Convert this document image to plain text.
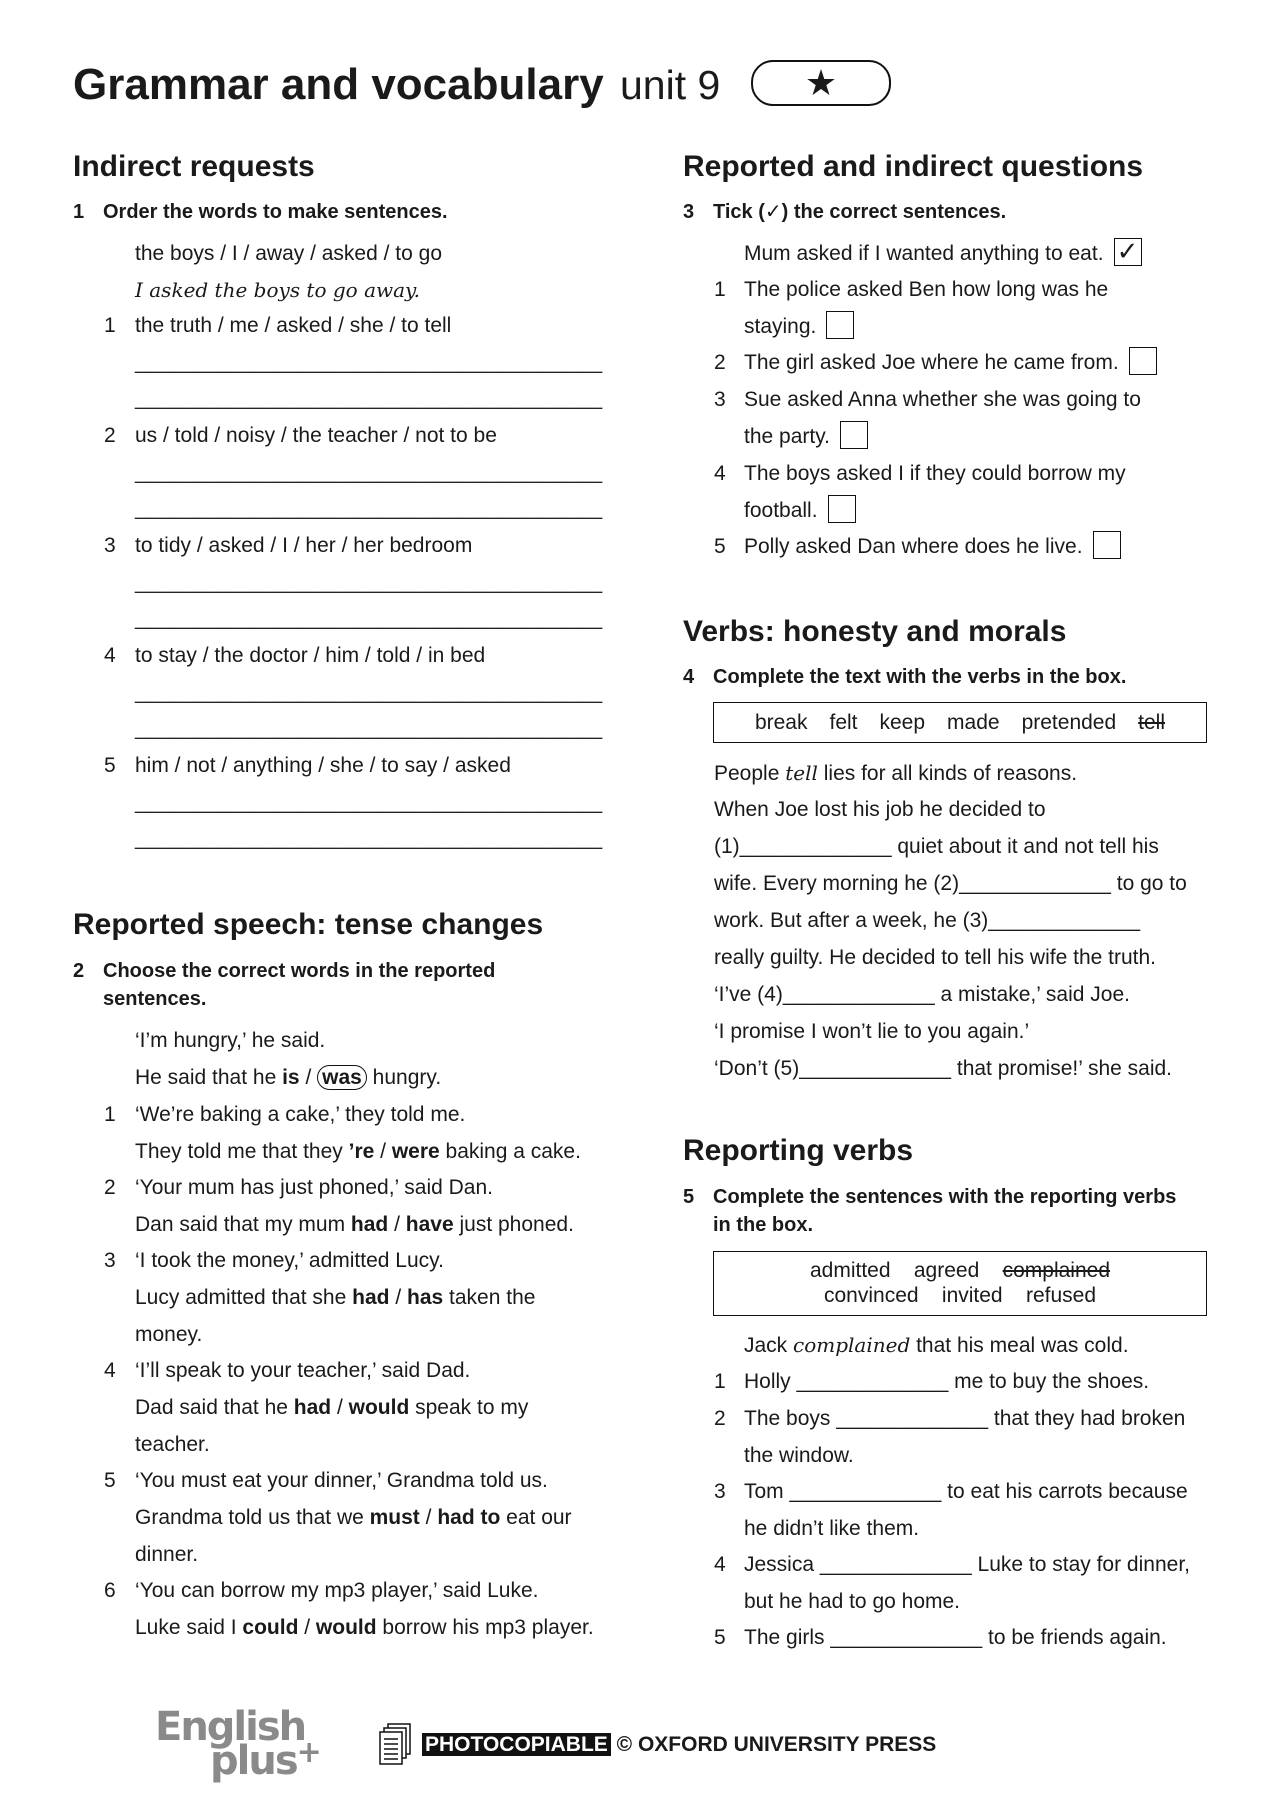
Grammar and vocabulary unit 9 ★
Indirect requests
1 Order the words to make sentences.
the boys / I / away / asked / to go
I asked the boys to go away.
1 the truth / me / asked / she / to tell
________________________________________
________________________________________
2 us / told / noisy / the teacher / not to be
________________________________________
________________________________________
3 to tidy / asked / I / her / her bedroom
________________________________________
________________________________________
4 to stay / the doctor / him / told / in bed
________________________________________
________________________________________
5 him / not / anything / she / to say / asked
________________________________________
________________________________________
Reported speech: tense changes
2 Choose the correct words in the reported
sentences.
‘I’m hungry,’ he said.
He said that he is / was hungry.
1 ‘We’re baking a cake,’ they told me.
They told me that they ’re / were baking a cake.
2 ‘Your mum has just phoned,’ said Dan.
Dan said that my mum had / have just phoned.
3 ‘I took the money,’ admitted Lucy.
Lucy admitted that she had / has taken the
money.
4 ‘I’ll speak to your teacher,’ said Dad.
Dad said that he had / would speak to my
teacher.
5 ‘You must eat your dinner,’ Grandma told us.
Grandma told us that we must / had to eat our
dinner.
6 ‘You can borrow my mp3 player,’ said Luke.
Luke said I could / would borrow his mp3 player.
Reported and indirect questions
3 Tick (✓) the correct sentences.
Mum asked if I wanted anything to eat. ✓
1 The police asked Ben how long was he
staying.
2 The girl asked Joe where he came from.
3 Sue asked Anna whether she was going to
the party.
4 The boys asked I if they could borrow my
football.
5 Polly asked Dan where does he live.
Verbs: honesty and morals
4 Complete the text with the verbs in the box.
break felt keep made pretended tell
People tell lies for all kinds of reasons.
When Joe lost his job he decided to
(1)_____________ quiet about it and not tell his
wife. Every morning he (2)_____________ to go to
work. But after a week, he (3)_____________
really guilty. He decided to tell his wife the truth.
‘I’ve (4)_____________ a mistake,’ said Joe.
‘I promise I won’t lie to you again.’
‘Don’t (5)_____________ that promise!’ she said.
Reporting verbs
5 Complete the sentences with the reporting verbs
in the box.
admitted agreed complained
convinced invited refused
Jack complained that his meal was cold.
1 Holly _____________ me to buy the shoes.
2 The boys _____________ that they had broken
the window.
3 Tom _____________ to eat his carrots because
he didn’t like them.
4 Jessica _____________ Luke to stay for dinner,
but he had to go home.
5 The girls _____________ to be friends again.
English
plus+	PHOTOCOPIABLE © OXFORD UNIVERSITY PRESS
